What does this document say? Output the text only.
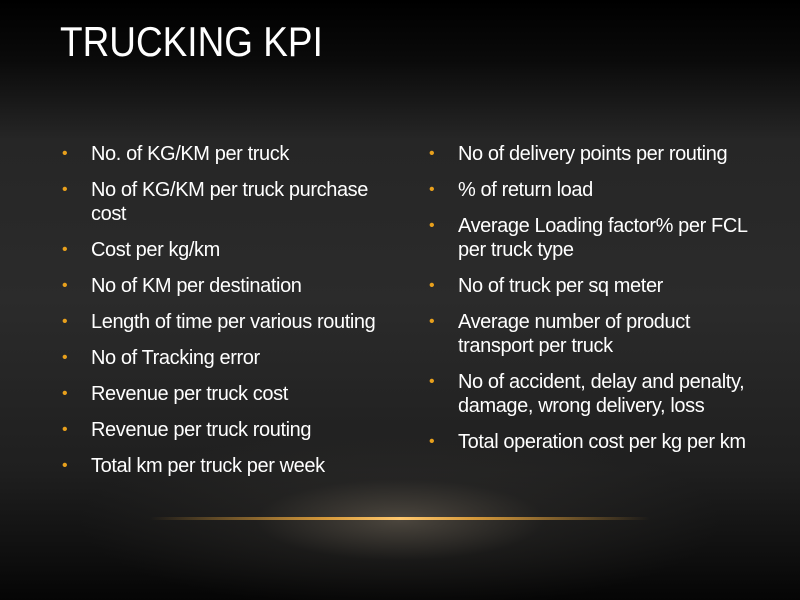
TRUCKING KPI
• No. of KG/KM per truck
• No of KG/KM per truck purchase cost
• Cost per kg/km
• No of KM per destination
• Length of time per various routing
• No of Tracking error
• Revenue per truck cost
• Revenue per truck routing
• Total km per truck per week
• No of delivery points per routing
• % of return load
• Average Loading factor% per FCL per truck type
• No of truck per sq meter
• Average number of product transport per truck
• No of accident, delay and penalty, damage, wrong delivery, loss
• Total operation cost per kg per km
